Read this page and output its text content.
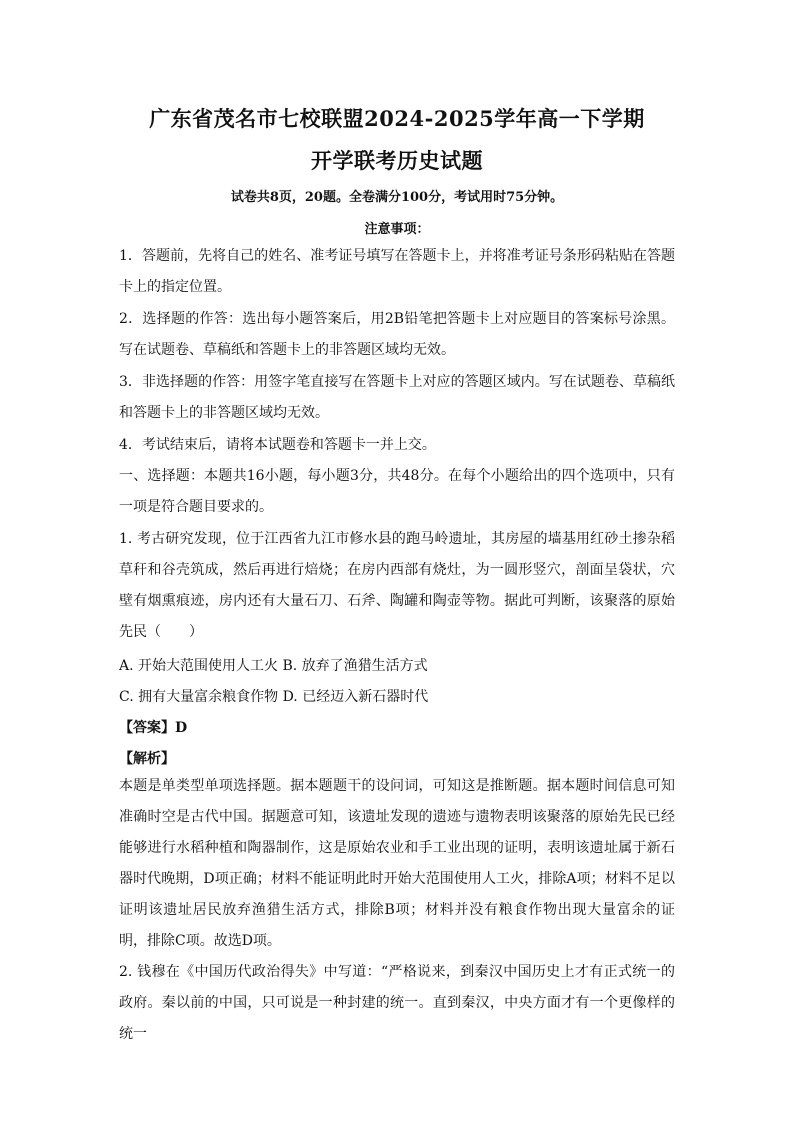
广东省茂名市七校联盟2024-2025学年高一下学期
开学联考历史试题
试卷共8页，20题。全卷满分100分，考试用时75分钟。
注意事项：
1．答题前，先将自己的姓名、准考证号填写在答题卡上，并将准考证号条形码粘贴在答题卡上的指定位置。
2．选择题的作答：选出每小题答案后，用2B铅笔把答题卡上对应题目的答案标号涂黑。写在试题卷、草稿纸和答题卡上的非答题区域均无效。
3．非选择题的作答：用签字笔直接写在答题卡上对应的答题区域内。写在试题卷、草稿纸和答题卡上的非答题区域均无效。
4．考试结束后，请将本试题卷和答题卡一并上交。
一、选择题：本题共16小题，每小题3分，共48分。在每个小题给出的四个选项中，只有一项是符合题目要求的。
1. 考古研究发现，位于江西省九江市修水县的跑马岭遗址，其房屋的墙基用红砂土掺杂稻草秆和谷壳筑成，然后再进行焙烧；在房内西部有烧灶，为一圆形竖穴，剖面呈袋状，穴壁有烟熏痕迹，房内还有大量石刀、石斧、陶罐和陶壶等物。据此可判断，该聚落的原始先民（　　）
A. 开始大范围使用人工火 B. 放弃了渔猎生活方式
C. 拥有大量富余粮食作物 D. 已经迈入新石器时代
【答案】D
【解析】
本题是单类型单项选择题。据本题题干的设问词，可知这是推断题。据本题时间信息可知准确时空是古代中国。据题意可知，该遗址发现的遗迹与遗物表明该聚落的原始先民已经能够进行水稻种植和陶器制作，这是原始农业和手工业出现的证明，表明该遗址属于新石器时代晚期，D项正确；材料不能证明此时开始大范围使用人工火，排除A项；材料不足以证明该遗址居民放弃渔猎生活方式，排除B项；材料并没有粮食作物出现大量富余的证明，排除C项。故选D项。
2. 钱穆在《中国历代政治得失》中写道：“严格说来，到秦汉中国历史上才有正式统一的政府。秦以前的中国，只可说是一种封建的统一。直到秦汉，中央方面才有一个更像样的统一
